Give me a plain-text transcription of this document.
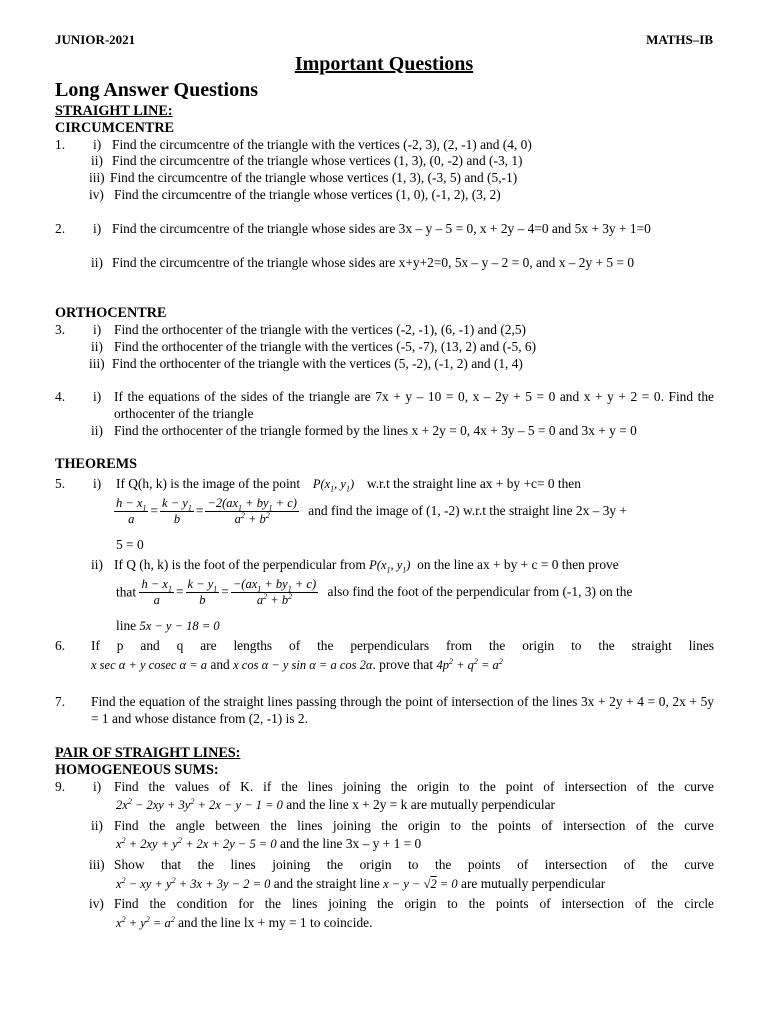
JUNIOR-2021	MATHS–IB
Important Questions
Long Answer Questions
STRAIGHT LINE:
CIRCUMCENTRE
1. i) Find the circumcentre of the triangle with the vertices (-2, 3), (2, -1) and (4, 0)
ii) Find the circumcentre of the triangle whose vertices (1, 3), (0, -2) and (-3, 1)
iii) Find the circumcentre of the triangle whose vertices (1, 3), (-3, 5) and (5,-1)
iv) Find the circumcentre of the triangle whose vertices (1, 0), (-1, 2), (3, 2)
2. i) Find the circumcentre of the triangle whose sides are 3x – y – 5 = 0, x + 2y – 4=0 and 5x + 3y + 1=0
ii) Find the circumcentre of the triangle whose sides are x+y+2=0, 5x – y – 2 = 0, and x – 2y + 5 = 0
ORTHOCENTRE
3. i) Find the orthocenter of the triangle with the vertices (-2, -1), (6, -1) and (2,5)
ii) Find the orthocenter of the triangle with the vertices (-5, -7), (13, 2) and (-5, 6)
iii) Find the orthocenter of the triangle with the vertices (5, -2), (-1, 2) and (1, 4)
4. i) If the equations of the sides of the triangle are 7x + y – 10 = 0, x – 2y + 5 = 0 and x + y + 2 = 0. Find the orthocenter of the triangle
ii) Find the orthocenter of the triangle formed by the lines x + 2y = 0, 4x + 3y – 5 = 0 and 3x + y = 0
THEOREMS
5. i) If Q(h, k) is the image of the point    $P(x_1$, $y_1$)    w.r.t the straight line ax + by +c= 0 then
$\frac{h - x_1}{a} = \frac{k - y_1}{b} = \frac{-2(ax_1 + by_1 + c)}{a^2 + b^2}$ and find the image of (1, -2) w.r.t the straight line 2x – 3y +
5 = 0
ii) If Q (h, k) is the foot of the perpendicular from $P(x_1$, $y_1$) on the line ax + by + c = 0 then prove
that $\frac{h - x_1}{a} = \frac{k - y_1}{b} = \frac{-(ax_1 + by_1 + c)}{a^2 + b^2}$ also find the foot of the perpendicular from (-1, 3) on the
line 5x − y − 18 = 0
6. If p and q are lengths of the perpendiculars from the origin to the straight lines
x sec α + y cosec α = a and x cos α − y sin α = a cos 2α. prove that $4p^2 + q^2 = a^2$
7. Find the equation of the straight lines passing through the point of intersection of the lines 3x + 2y + 4 = 0, 2x + 5y = 1 and whose distance from (2, -1) is 2.
PAIR OF STRAIGHT LINES:
HOMOGENEOUS SUMS:
9. i) Find the values of K. if the lines joining the origin to the point of intersection of the curve
$2x^2 - 2xy + 3y^2 + 2x - y - 1 = 0$ and the line x + 2y = k are mutually perpendicular
ii) Find the angle between the lines joining the origin to the points of intersection of the curve
$x^2 + 2xy + y^2 + 2x + 2y - 5 = 0$ and the line 3x – y + 1 = 0
iii) Show that the lines joining the origin to the points of intersection of the curve
$x^2$ − xy + $y^2 + 3x + 3y - 2 = 0$ and the straight line x − y − √2 = 0 are mutually perpendicular
iv) Find the condition for the lines joining the origin to the points of intersection of the circle
$x^2 + y^2 = a^2$ and the line lx + my = 1 to coincide.
